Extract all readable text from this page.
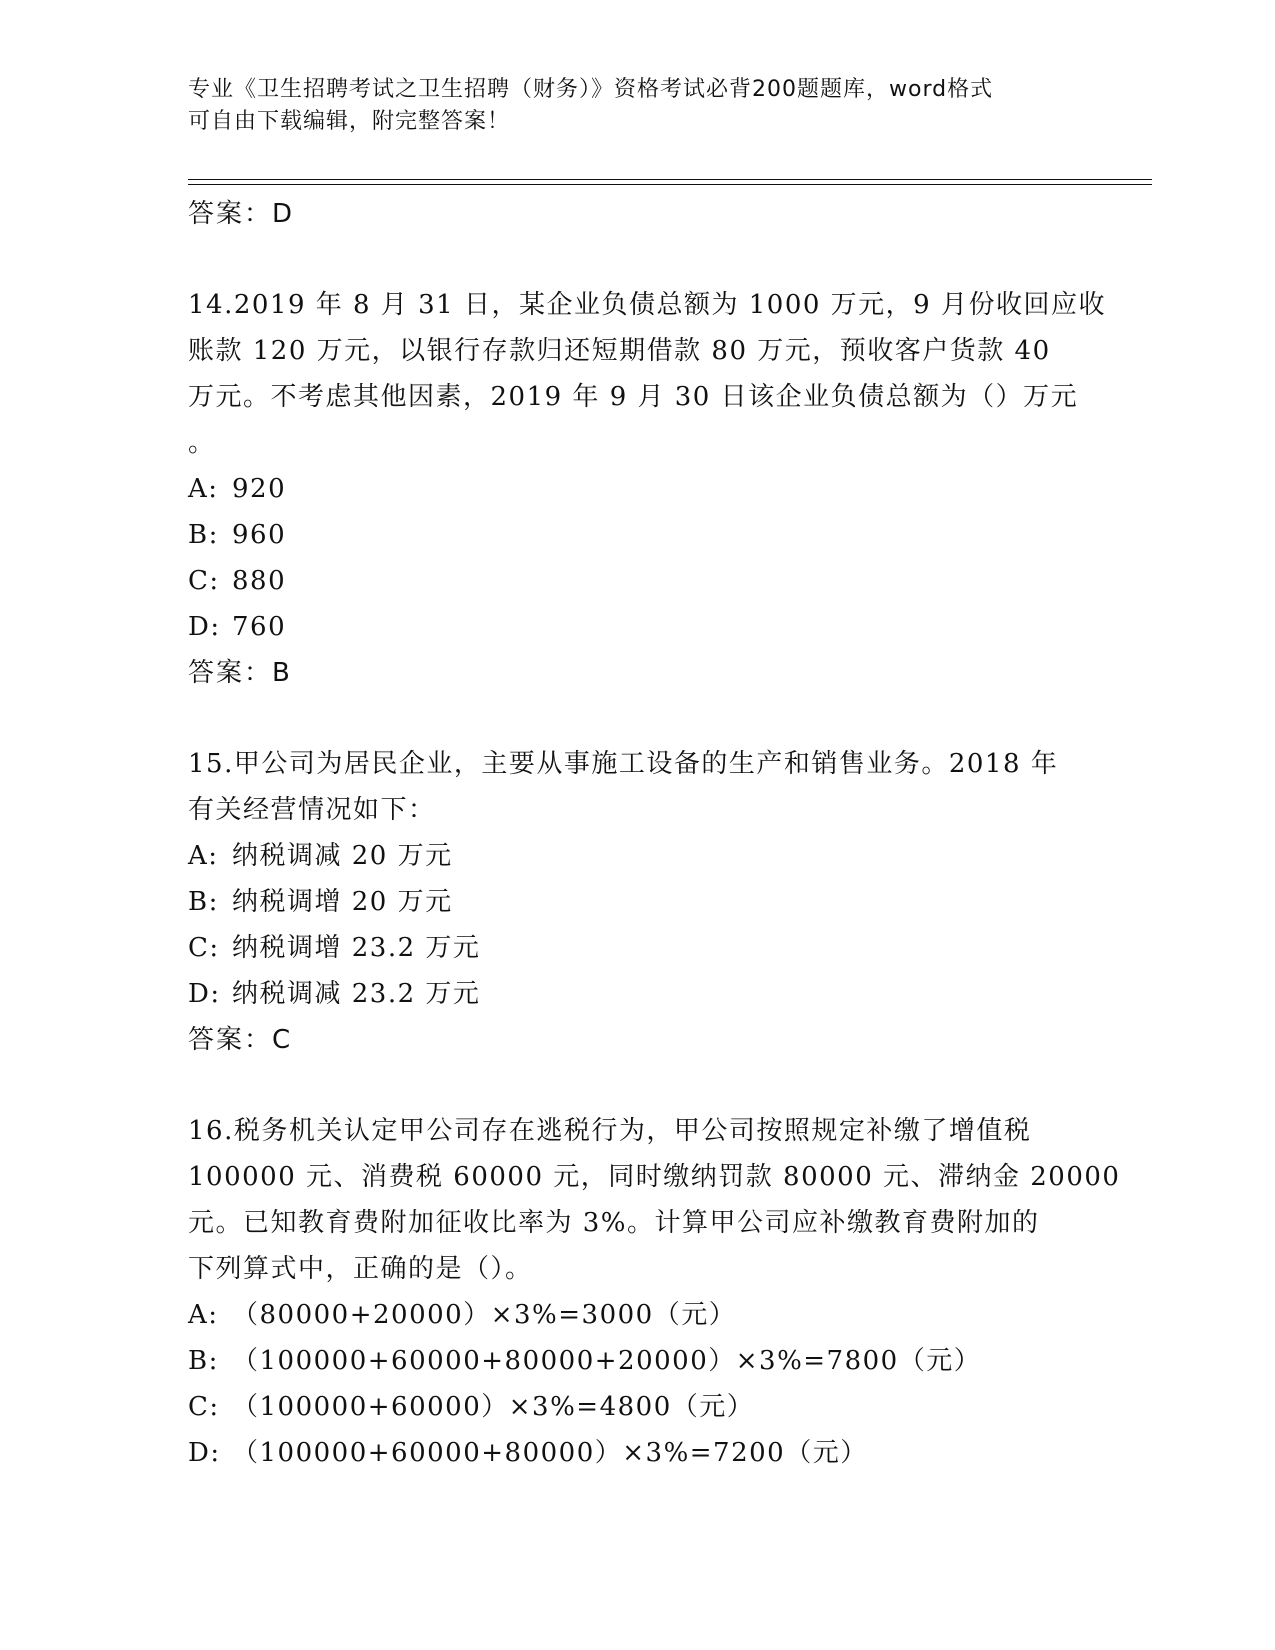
专业《卫生招聘考试之卫生招聘（财务）》资格考试必背200题题库，word格式
可自由下载编辑，附完整答案！
答案：D
14.2019 年 8 月 31 日，某企业负债总额为 1000 万元，9 月份收回应收
账款 120 万元，以银行存款归还短期借款 80 万元，预收客户货款 40
万元。不考虑其他因素，2019 年 9 月 30 日该企业负债总额为（）万元
。
A: 920
B: 960
C: 880
D: 760
答案：B
15.甲公司为居民企业，主要从事施工设备的生产和销售业务。2018 年
有关经营情况如下：
A: 纳税调减 20 万元
B: 纳税调增 20 万元
C: 纳税调增 23.2 万元
D: 纳税调减 23.2 万元
答案：C
16.税务机关认定甲公司存在逃税行为，甲公司按照规定补缴了增值税
100000 元、消费税 60000 元，同时缴纳罚款 80000 元、滞纳金 20000
元。已知教育费附加征收比率为 3%。计算甲公司应补缴教育费附加的
下列算式中，正确的是（）。
A: （80000+20000）×3%=3000（元）
B: （100000+60000+80000+20000）×3%=7800（元）
C: （100000+60000）×3%=4800（元）
D: （100000+60000+80000）×3%=7200（元）
